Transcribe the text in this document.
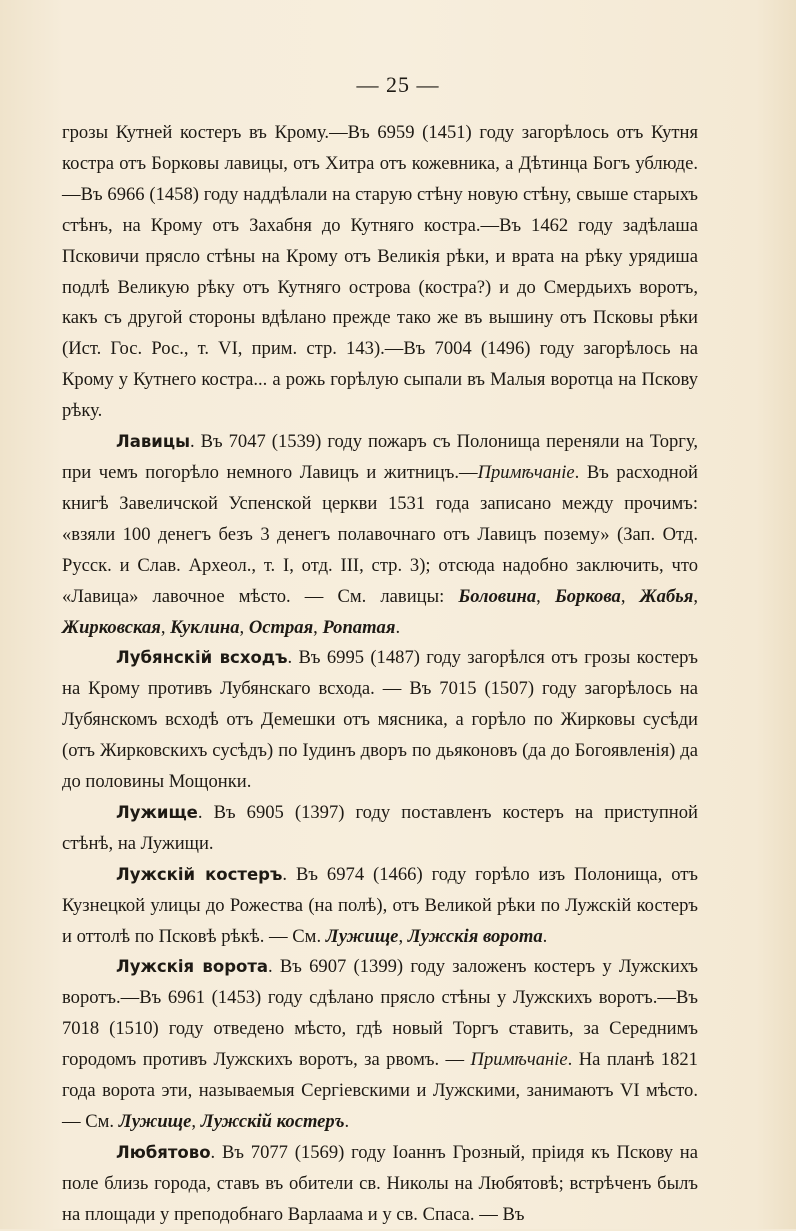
— 25 —

грозы Кутней костеръ въ Крому.—Въ 6959 (1451) году загорѣлось отъ Кутня костра отъ Борковы лавицы, отъ Хитра отъ кожевника, а Дѣтинца Богъ ублюде.—Въ 6966 (1458) году наддѣлали на старую стѣну новую стѣну, свыше старыхъ стѣнъ, на Крому отъ Захабня до Кутняго костра.—Въ 1462 году задѣлаша Псковичи прясло стѣны на Крому отъ Великія рѣки, и врата на рѣку урядиша подлѣ Великую рѣку отъ Кутняго острова (костра?) и до Смердьихъ воротъ, какъ съ другой стороны вдѣлано прежде тако же въ вышину отъ Псковы рѣки (Ист. Гос. Рос., т. VI, прим. стр. 143).—Въ 7004 (1496) году загорѣлось на Крому у Кутнего костра... а рожь горѣлую сыпали въ Малыя воротца на Пскову рѣку.

Лавицы. Въ 7047 (1539) году пожаръ съ Полонища переняли на Торгу, при чемъ погорѣло немного Лавицъ и житницъ.—Примѣчаніе. Въ расходной книгѣ Завеличской Успенской церкви 1531 года записано между прочимъ: «взяли 100 денегъ безъ 3 денегъ полавочнаго отъ Лавицъ позему» (Зап. Отд. Русск. и Слав. Археол., т. I, отд. III, стр. 3); отсюда надобно заключить, что «Лавица» лавочное мѣсто. — См. лавицы: Боловина, Боркова, Жабья, Жирковская, Куклина, Острая, Ропатая.

Лубянскій всходъ. Въ 6995 (1487) году загорѣлся отъ грозы костеръ на Крому противъ Лубянскаго всхода. — Въ 7015 (1507) году загорѣлось на Лубянскомъ всходѣ отъ Демешки отъ мясника, а горѣло по Жирковы сусѣди (отъ Жирковскихъ сусѣдъ) по Іудинъ дворъ по дьяконовъ (да до Богоявленія) да до половины Мощонки.

Лужище. Въ 6905 (1397) году поставленъ костеръ на приступной стѣнѣ, на Лужищи.

Лужскій костеръ. Въ 6974 (1466) году горѣло изъ Полонища, отъ Кузнецкой улицы до Рожества (на полѣ), отъ Великой рѣки по Лужскій костеръ и оттолѣ по Псковѣ рѣкѣ. — См. Лужище, Лужскія ворота.

Лужскія ворота. Въ 6907 (1399) году заложенъ костеръ у Лужскихъ воротъ.—Въ 6961 (1453) году сдѣлано прясло стѣны у Лужскихъ воротъ.—Въ 7018 (1510) году отведено мѣсто, гдѣ новый Торгъ ставить, за Середнимъ городомъ противъ Лужскихъ воротъ, за рвомъ. — Примѣчаніе. На планѣ 1821 года ворота эти, называемыя Сергіевскими и Лужскими, занимаютъ VI мѣсто. — См. Лужище, Лужскій костеръ.

Любятово. Въ 7077 (1569) году Іоаннъ Грозный, пріидя къ Пскову на поле близь города, ставъ въ обители св. Николы на Любятовѣ; встрѣченъ былъ на площади у преподобнаго Варлаама и у св. Спаса. — Въ
